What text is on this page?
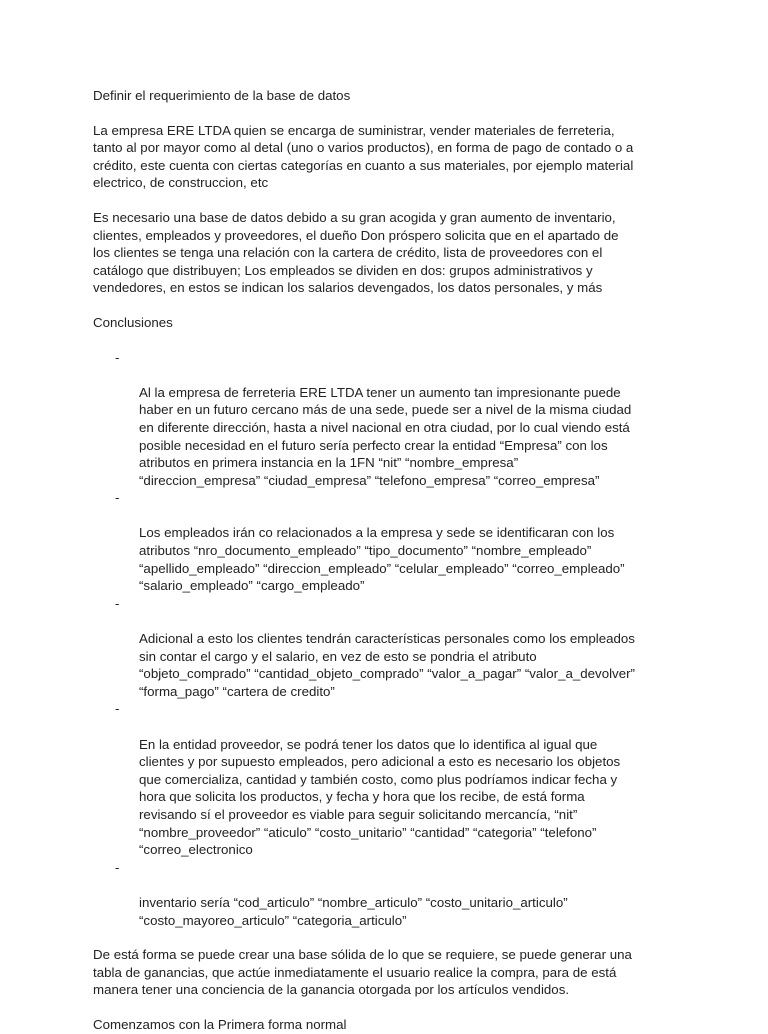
Definir el requerimiento de la base de datos

La empresa ERE LTDA quien se encarga de suministrar, vender materiales de ferreteria,
tanto al por mayor como al detal (uno o varios productos), en forma de pago de contado o a
crédito, este cuenta con ciertas categorías en cuanto a sus materiales, por ejemplo material
electrico, de construccion, etc

Es necesario una base de datos debido a su gran acogida y gran aumento de inventario,
clientes, empleados y proveedores, el dueño Don próspero solicita que en el apartado de
los clientes se tenga una relación con la cartera de crédito, lista de proveedores con el
catálogo que distribuyen; Los empleados se dividen en dos: grupos administrativos y
vendedores, en estos se indican los salarios devengados, los datos personales, y más

Conclusiones

-

Al la empresa de ferreteria ERE LTDA tener un aumento tan impresionante puede
haber en un futuro cercano más de una sede, puede ser a nivel de la misma ciudad
en diferente dirección, hasta a nivel nacional en otra ciudad, por lo cual viendo está
posible necesidad en el futuro sería perfecto crear la entidad “Empresa” con los
atributos en primera instancia en la 1FN “nit” “nombre_empresa”
“direccion_empresa” “ciudad_empresa” “telefono_empresa” “correo_empresa”

-

Los empleados irán co relacionados a la empresa y sede se identificaran con los
atributos “nro_documento_empleado” “tipo_documento” “nombre_empleado”
“apellido_empleado” “direccion_empleado” “celular_empleado” “correo_empleado”
“salario_empleado” “cargo_empleado”

-

Adicional a esto los clientes tendrán características personales como los empleados
sin contar el cargo y el salario, en vez de esto se pondria el atributo
“objeto_comprado” “cantidad_objeto_comprado” “valor_a_pagar” “valor_a_devolver”
“forma_pago” “cartera de credito”

-

En la entidad proveedor, se podrá tener los datos que lo identifica al igual que
clientes y por supuesto empleados, pero adicional a esto es necesario los objetos
que comercializa, cantidad y también costo, como plus podríamos indicar fecha y
hora que solicita los productos, y fecha y hora que los recibe, de está forma
revisando sí el proveedor es viable para seguir solicitando mercancía, “nit”
“nombre_proveedor” “aticulo” “costo_unitario” “cantidad” “categoria” “telefono”
“correo_electronico

-

inventario sería “cod_articulo” “nombre_articulo” “costo_unitario_articulo”
“costo_mayoreo_articulo” “categoria_articulo”

De está forma se puede crear una base sólida de lo que se requiere, se puede generar una
tabla de ganancias, que actúe inmediatamente el usuario realice la compra, para de está
manera tener una conciencia de la ganancia otorgada por los artículos vendidos.

Comenzamos con la Primera forma normal
